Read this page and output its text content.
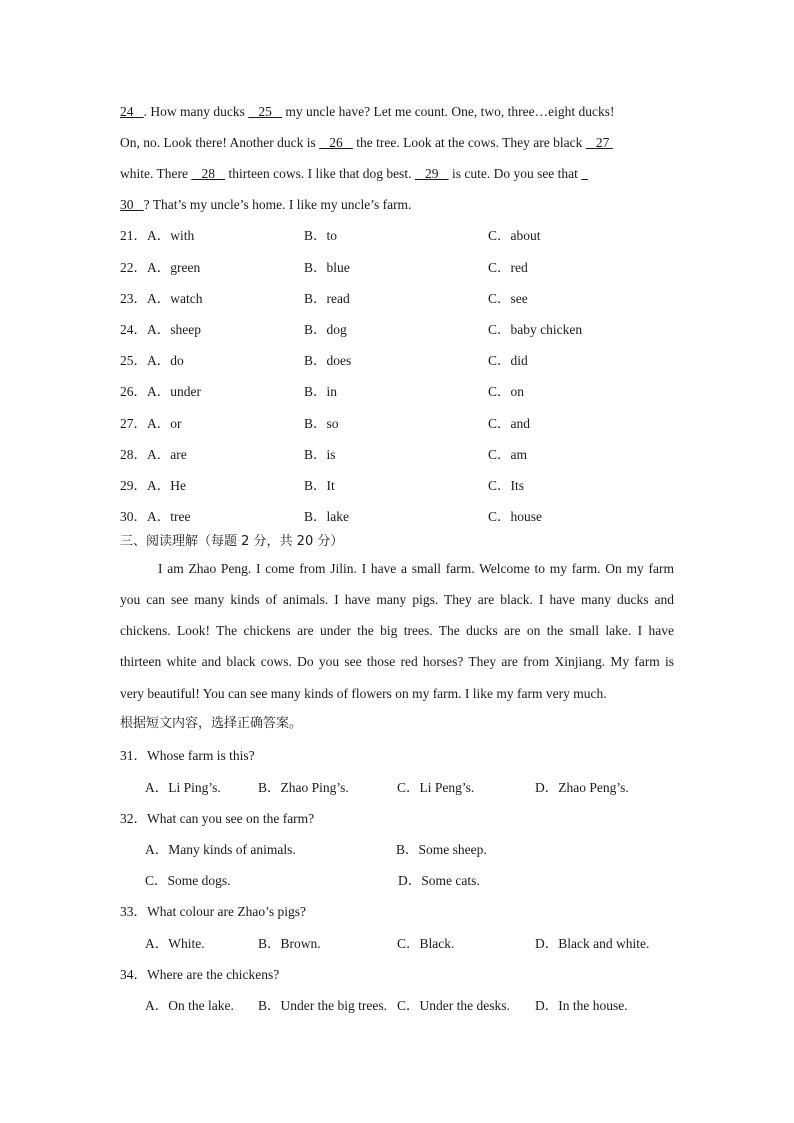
24 . How many ducks    25    my uncle have? Let me count. One, two, three…eight ducks!
On, no. Look there! Another duck is    26    the tree. Look at the cows. They are black    27
white. There    28    thirteen cows. I like that dog best.    29    is cute. Do you see that
30 ? That’s my uncle’s home. I like my uncle’s farm.
21． A．with	B．to	C．about
22． A．green	B．blue	C．red
23． A．watch	B．read	C．see
24． A．sheep	B．dog	C．baby chicken
25． A．do	B．does	C．did
26． A．under	B．in	C．on
27． A．or	B．so	C．and
28． A．are	B．is	C．am
29． A．He	B．It	C．Its
30． A．tree	B．lake	C．house
三、阅读理解（每题 2 分，共 20 分）
I am Zhao Peng. I come from Jilin. I have a small farm. Welcome to my farm. On my farm
you can see many kinds of animals. I have many pigs. They are black. I have many ducks and
chickens. Look! The chickens are under the big trees. The ducks are on the small lake. I have
thirteen white and black cows. Do you see those red horses? They are from Xinjiang. My farm is
very beautiful! You can see many kinds of flowers on my farm. I like my farm very much.
根据短文内容，选择正确答案。
31．Whose farm is this?
A．Li Ping’s.	B．Zhao Ping’s.	C．Li Peng’s.	D．Zhao Peng’s.
32．What can you see on the farm?
A．Many kinds of animals.	B．Some sheep.
C．Some dogs.	D．Some cats.
33．What colour are Zhao’s pigs?
A．White.	B．Brown.	C．Black.	D．Black and white.
34．Where are the chickens?
A．On the lake. B．Under the big trees. C．Under the desks. D．In the house.
